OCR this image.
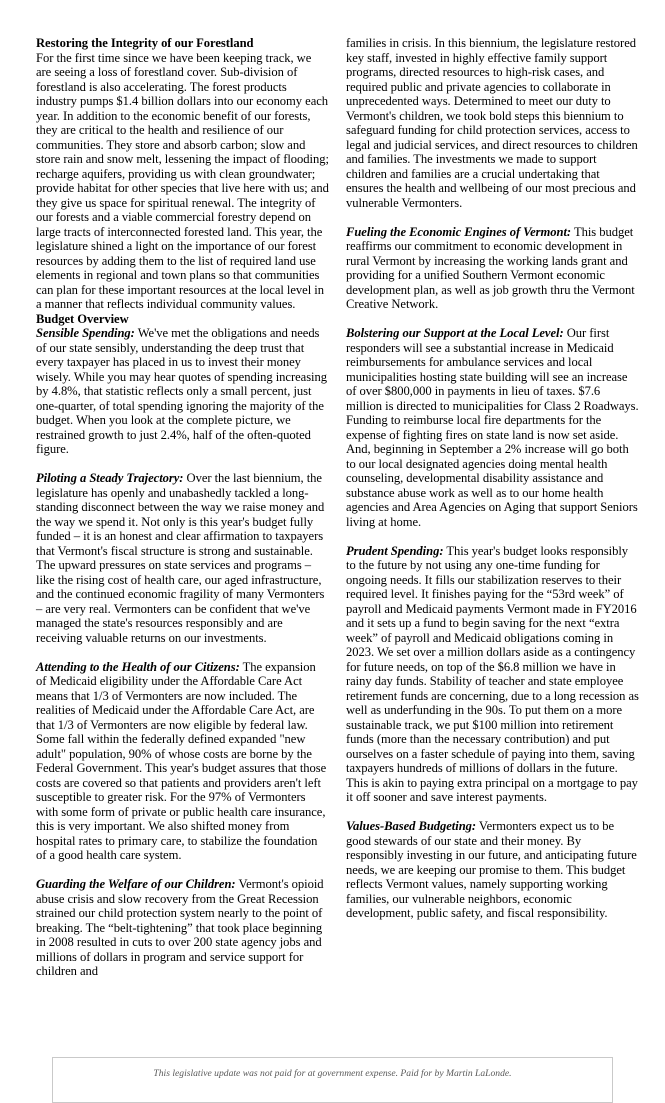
Restoring the Integrity of our Forestland

For the first time since we have been keeping track, we are seeing a loss of forestland cover. Sub-division of forestland is also accelerating. The forest products industry pumps $1.4 billion dollars into our economy each year. In addition to the economic benefit of our forests, they are critical to the health and resilience of our communities. They store and absorb carbon; slow and store rain and snow melt, lessening the impact of flooding; recharge aquifers, providing us with clean groundwater; provide habitat for other species that live here with us; and they give us space for spiritual renewal. The integrity of our forests and a viable commercial forestry depend on large tracts of interconnected forested land. This year, the legislature shined a light on the importance of our forest resources by adding them to the list of required land use elements in regional and town plans so that communities can plan for these important resources at the local level in a manner that reflects individual community values.

Budget Overview

Sensible Spending: We've met the obligations and needs of our state sensibly, understanding the deep trust that every taxpayer has placed in us to invest their money wisely. While you may hear quotes of spending increasing by 4.8%, that statistic reflects only a small percent, just one-quarter, of total spending ignoring the majority of the budget. When you look at the complete picture, we restrained growth to just 2.4%, half of the often-quoted figure.

Piloting a Steady Trajectory: Over the last biennium, the legislature has openly and unabashedly tackled a long-standing disconnect between the way we raise money and the way we spend it. Not only is this year's budget fully funded – it is an honest and clear affirmation to taxpayers that Vermont's fiscal structure is strong and sustainable. The upward pressures on state services and programs – like the rising cost of health care, our aged infrastructure, and the continued economic fragility of many Vermonters – are very real. Vermonters can be confident that we've managed the state's resources responsibly and are receiving valuable returns on our investments.

Attending to the Health of our Citizens: The expansion of Medicaid eligibility under the Affordable Care Act means that 1/3 of Vermonters are now included. The realities of Medicaid under the Affordable Care Act, are that 1/3 of Vermonters are now eligible by federal law. Some fall within the federally defined expanded "new adult" population, 90% of whose costs are borne by the Federal Government. This year's budget assures that those costs are covered so that patients and providers aren't left susceptible to greater risk. For the 97% of Vermonters with some form of private or public health care insurance, this is very important. We also shifted money from hospital rates to primary care, to stabilize the foundation of a good health care system.

Guarding the Welfare of our Children: Vermont's opioid abuse crisis and slow recovery from the Great Recession strained our child protection system nearly to the point of breaking. The “belt-tightening” that took place beginning in 2008 resulted in cuts to over 200 state agency jobs and millions of dollars in program and service support for children and

families in crisis. In this biennium, the legislature restored key staff, invested in highly effective family support programs, directed resources to high-risk cases, and required public and private agencies to collaborate in unprecedented ways. Determined to meet our duty to Vermont's children, we took bold steps this biennium to safeguard funding for child protection services, access to legal and judicial services, and direct resources to children and families. The investments we made to support children and families are a crucial undertaking that ensures the health and wellbeing of our most precious and vulnerable Vermonters.

Fueling the Economic Engines of Vermont: This budget reaffirms our commitment to economic development in rural Vermont by increasing the working lands grant and providing for a unified Southern Vermont economic development plan, as well as job growth thru the Vermont Creative Network.

Bolstering our Support at the Local Level: Our first responders will see a substantial increase in Medicaid reimbursements for ambulance services and local municipalities hosting state building will see an increase of over $800,000 in payments in lieu of taxes. $7.6 million is directed to municipalities for Class 2 Roadways. Funding to reimburse local fire departments for the expense of fighting fires on state land is now set aside. And, beginning in September a 2% increase will go both to our local designated agencies doing mental health counseling, developmental disability assistance and substance abuse work as well as to our home health agencies and Area Agencies on Aging that support Seniors living at home.

Prudent Spending: This year's budget looks responsibly to the future by not using any one-time funding for ongoing needs. It fills our stabilization reserves to their required level. It finishes paying for the “53rd week” of payroll and Medicaid payments Vermont made in FY2016 and it sets up a fund to begin saving for the next “extra week” of payroll and Medicaid obligations coming in 2023. We set over a million dollars aside as a contingency for future needs, on top of the $6.8 million we have in rainy day funds. Stability of teacher and state employee retirement funds are concerning, due to a long recession as well as underfunding in the 90s. To put them on a more sustainable track, we put $100 million into retirement funds (more than the necessary contribution) and put ourselves on a faster schedule of paying into them, saving taxpayers hundreds of millions of dollars in the future. This is akin to paying extra principal on a mortgage to pay it off sooner and save interest payments.

Values-Based Budgeting: Vermonters expect us to be good stewards of our state and their money. By responsibly investing in our future, and anticipating future needs, we are keeping our promise to them. This budget reflects Vermont values, namely supporting working families, our vulnerable neighbors, economic development, public safety, and fiscal responsibility.

This legislative update was not paid for at government expense. Paid for by Martin LaLonde.
